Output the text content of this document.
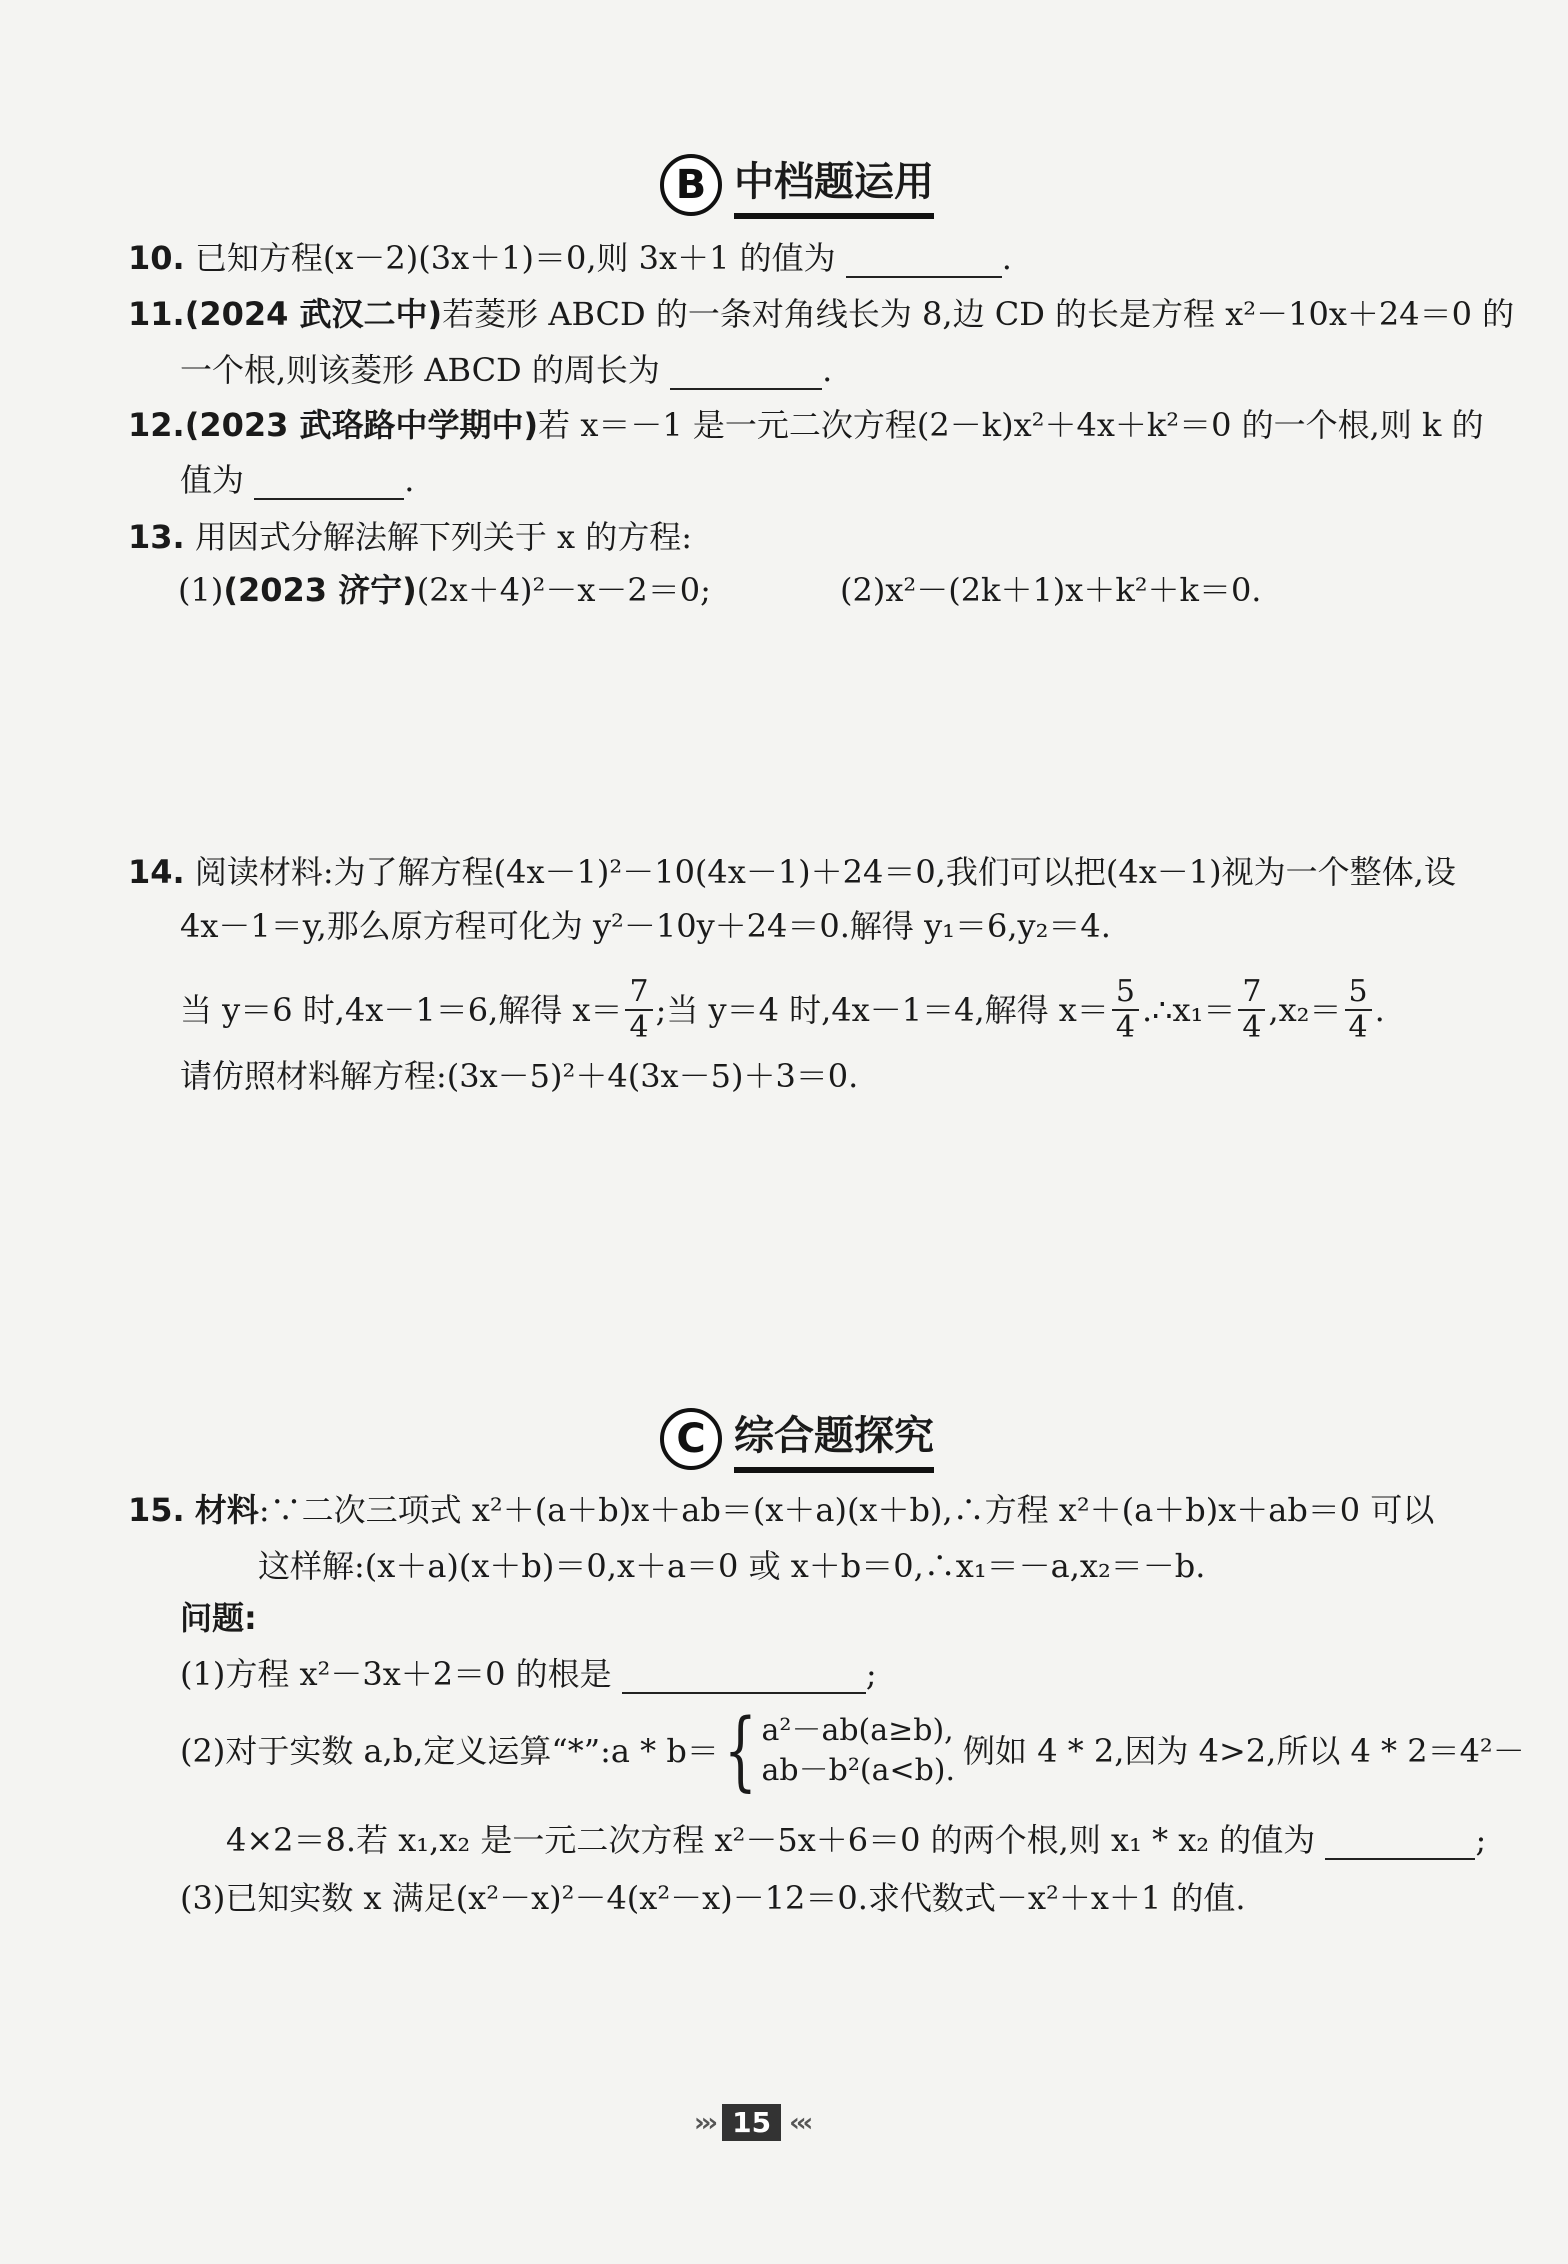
B 中档题运用
10. 已知方程(x－2)(3x＋1)＝0,则 3x＋1 的值为	.
11.(2024 武汉二中)若菱形 ABCD 的一条对角线长为 8,边 CD 的长是方程 x²－10x＋24＝0 的
一个根,则该菱形 ABCD 的周长为	.
12.(2023 武珞路中学期中)若 x＝－1 是一元二次方程(2－k)x²＋4x＋k²＝0 的一个根,则 k 的
值为	.
13. 用因式分解法解下列关于 x 的方程:
(1)(2023 济宁)(2x＋4)²－x－2＝0;	(2)x²－(2k＋1)x＋k²＋k＝0.
14. 阅读材料:为了解方程(4x－1)²－10(4x－1)＋24＝0,我们可以把(4x－1)视为一个整体,设
4x－1＝y,那么原方程可化为 y²－10y＋24＝0.解得 y₁＝6,y₂＝4.
当 y＝6 时,4x－1＝6,解得 $x= \frac{7}{4}$ ;当 y＝4 时,4x－1＝4,解得 $x= \frac{5}{4}$ .∴x₁＝ $\frac{7}{4} ,x_2= \frac{5}{4}$ .
请仿照材料解方程:(3x－5)²＋4(3x－5)＋3＝0.
C 综合题探究
15. 材料:∵二次三项式 x²＋(a＋b)x＋ab＝(x＋a)(x＋b),∴方程 x²＋(a＋b)x＋ab＝0 可以
这样解:(x＋a)(x＋b)＝0,x＋a＝0 或 x＋b＝0,∴x₁＝－a,x₂＝－b.
问题:
(1)方程 x²－3x＋2＝0 的根是	;
(2)对于实数 a,b,定义运算“*”:a * b＝ { a²－ab(a≥b),
ab－b²(a<b).
例如 4 * 2,因为 4>2,所以 4 * 2＝4²－
4×2＝8.若 x₁,x₂ 是一元二次方程 x²－5x＋6＝0 的两个根,则 x₁ * x₂ 的值为	;
(3)已知实数 x 满足(x²－x)²－4(x²－x)－12＝0.求代数式－x²＋x＋1 的值.
››› 15 ‹‹‹
